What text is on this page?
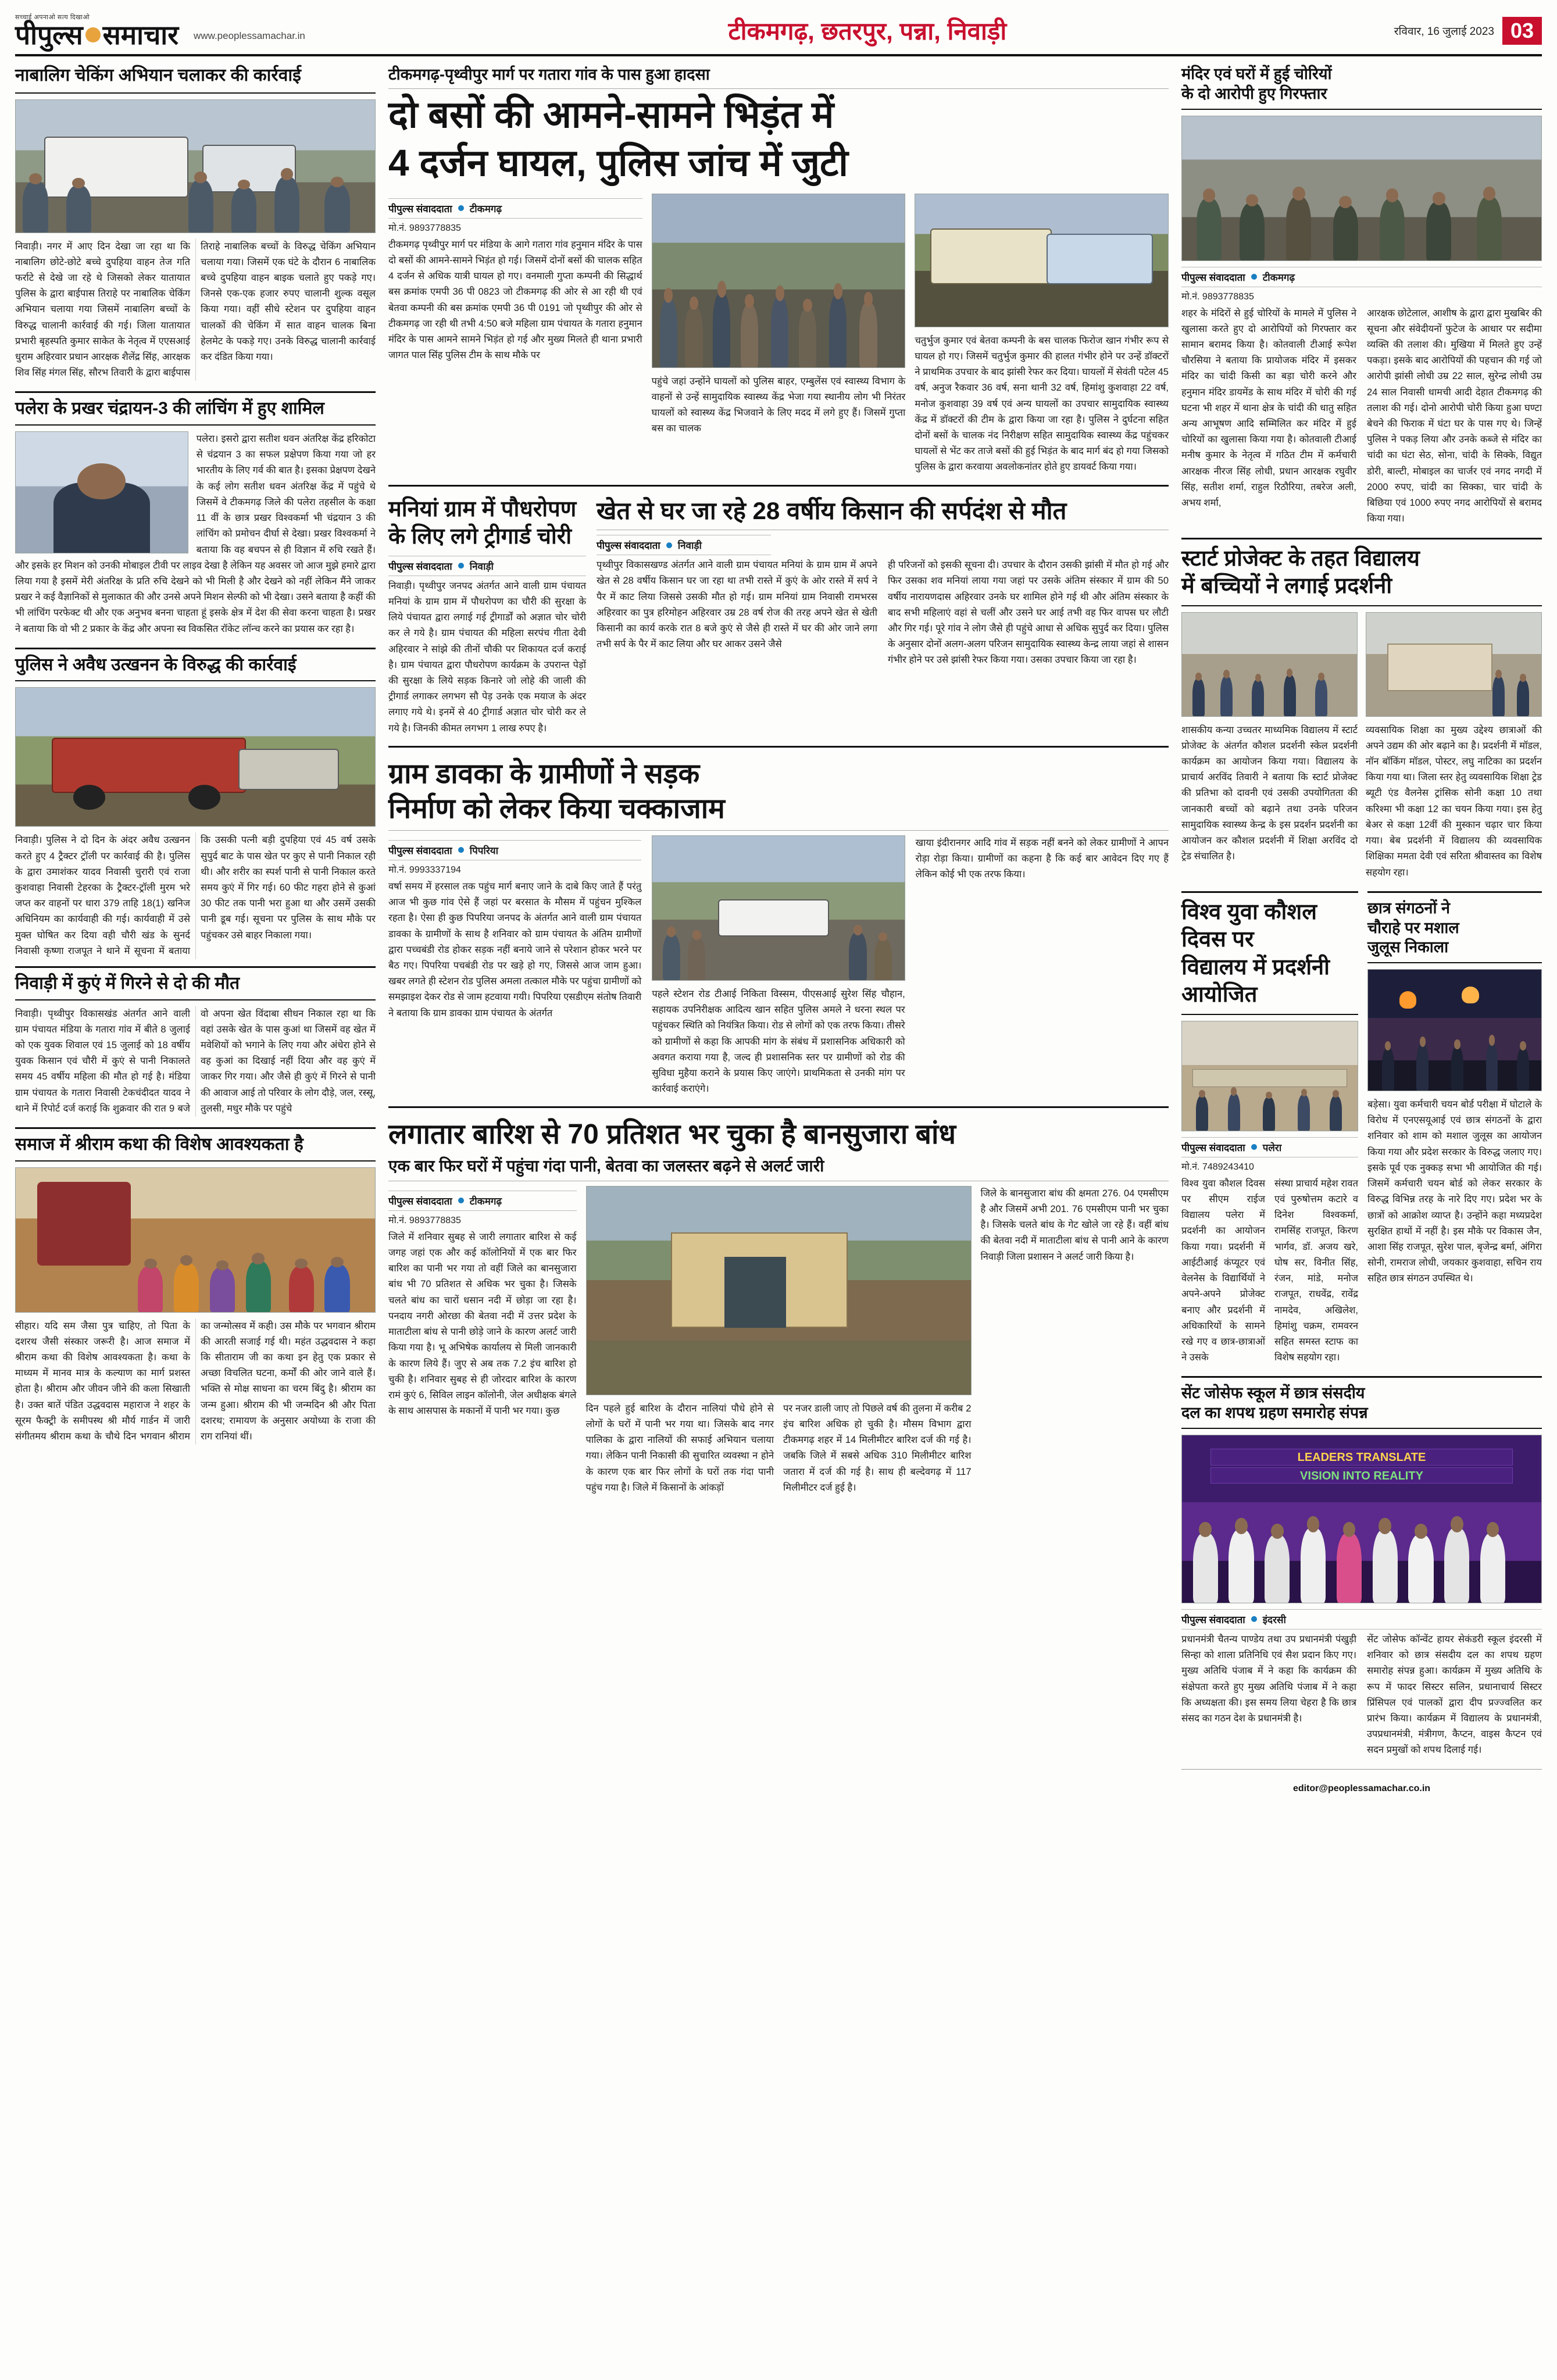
सच्चाई अपनाओ सत्य दिखाओ
पीपुल्स समाचार www.peoplessamachar.in	टीकमगढ़, छतरपुर, पन्ना, निवाड़ी	रविवार, 16 जुलाई 2023 03
नाबालिग चेकिंग अभियान चलाकर की कार्रवाई
निवाड़ी। नगर में आए दिन देखा जा रहा था कि नाबालिग छोटे-छोटे बच्चे दुपहिया वाहन तेज गति फर्राटे से देखे जा रहे थे जिसको लेकर यातायात पुलिस के द्वारा बाईपास तिराहे पर नाबालिक चेकिंग अभियान चलाया गया जिसमें नाबालिग बच्चों के विरुद्ध चालानी कार्रवाई की गई। जिला यातायात प्रभारी बृहस्पति कुमार साकेत के नेतृत्व में एएसआई धुराम अहिरवार प्रधान आरक्षक शैलेंद्र सिंह, आरक्षक शिव सिंह मंगल सिंह, सौरभ तिवारी के द्वारा बाईपास तिराहे नाबालिक बच्चों के विरुद्ध चेकिंग अभियान चलाया गया। जिसमें एक घंटे के दौरान 6 नाबालिक बच्चे दुपहिया वाहन बाइक चलाते हुए पकड़े गए। जिनसे एक-एक हजार रुपए चालानी शुल्क वसूल किया गया। वहीं सीधे स्टेशन पर दुपहिया वाहन चालकों की चेकिंग में सात वाहन चालक बिना हेलमेट के पकड़े गए। उनके विरुद्ध चालानी कार्रवाई कर दंडित किया गया।
पलेरा के प्रखर चंद्रायन-3 की लांचिंग में हुए शामिल
पलेरा। इसरो द्वारा सतीश धवन अंतरिक्ष केंद्र हरिकोटा से चंद्रयान 3 का सफल प्रक्षेपण किया गया जो हर भारतीय के लिए गर्व की बात है। इसका प्रेक्षपण देखने के कई लोग सतीश धवन अंतरिक्ष केंद्र में पहुंचे थे जिसमें वे टीकमगढ़ जिले की पलेरा तहसील के कक्षा 11 वीं के छात्र प्रखर विश्वकर्मा भी चंद्रयान 3 की लांचिंग को प्रमोचन दीर्घा से देखा। प्रखर विश्वकर्मा ने बताया कि वह बचपन से ही विज्ञान में रुचि रखते हैं। और इसके हर मिशन को उनकी मोबाइल टीवी पर लाइव देखा है लेकिन यह अवसर जो आज मुझे हमारे द्वारा लिया गया है इसमें मेरी अंतरिक्ष के प्रति रुचि देखने को भी मिली है और देखने को नहीं लेकिन मैंने जाकर प्रखर ने कई वैज्ञानिकों से मुलाकात की और उनसे अपने मिशन सेल्फी को भी देखा। उसने बताया है कहीं की भी लांचिंग परफेक्ट थी और एक अनुभव बनना चाहता हूं इसके क्षेत्र में देश की सेवा करना चाहता है। प्रखर ने बताया कि वो भी 2 प्रकार के केंद्र और अपना स्व विकसित रॉकेट लॉन्च करने का प्रयास कर रहा है।
पुलिस ने अवैध उत्खनन के विरुद्ध की कार्रवाई
निवाड़ी। पुलिस ने दो दिन के अंदर अवैध उत्खनन करते हुए 4 ट्रैक्टर ट्रॉली पर कार्रवाई की है। पुलिस के द्वारा उमाशंकर यादव निवासी चुरारी एवं राजा कुशवाहा निवासी टेहरका के ट्रैक्टर-ट्रॉली मुरम भरे जप्त कर वाहनों पर धारा 379 ताहि 18(1) खनिज अधिनियम का कार्यवाही की गई। कार्यवाही में उसे मुक्त घोषित कर दिया वही चौरी खंड के सुनर्द निवासी कृष्णा राजपूत ने थाने में सूचना में बताया कि उसकी पत्नी बड़ी दुपहिया एवं 45 वर्ष उसके सुपुर्द बाट के पास खेत पर कुए से पानी निकाल रही थी। और शरीर का स्पर्श पानी से पानी निकाल करते समय कुएं में गिर गई। 60 फीट गहरा होने से कुआं 30 फीट तक पानी भरा हुआ था और उसमें उसकी पानी डूब गई। सूचना पर पुलिस के साथ मौके पर पहुंचकर उसे बाहर निकाला गया।
निवाड़ी में कुएं में गिरने से दो की मौत
निवाड़ी। पृथ्वीपुर विकासखंड अंतर्गत आने वाली ग्राम पंचायत मंडिया के गतारा गांव में बीते 8 जुलाई को एक युवक शिवाल एवं 15 जुलाई को 18 वर्षीय युवक किसान एवं चौरी में कुएं से पानी निकालते समय 45 वर्षीय महिला की मौत हो गई है। मंडिया ग्राम पंचायत के गतारा निवासी टेकचंदीदत यादव ने थाने में रिपोर्ट दर्ज कराई कि शुक्रवार की रात 9 बजे वो अपना खेत विंदाबा सीधन निकाल रहा था कि वहां उसके खेत के पास कुआं था जिसमें वह खेत में मवेशियों को भगाने के लिए गया और अंधेरा होने से वह कुआं का दिखाई नहीं दिया और वह कुएं में जाकर गिर गया। और जैसे ही कुएं में गिरने से पानी की आवाज आई तो परिवार के लोग दौड़े, जल, रस्सू, तुलसी, मधुर मौके पर पहुंचे
समाज में श्रीराम कथा की विशेष आवश्यकता है
सीहार। यदि सम जैसा पुत्र चाहिए, तो पिता के दशरथ जैसी संस्कार जरूरी है। आज समाज में श्रीराम कथा की विशेष आवश्यकता है। कथा के माध्यम में मानव मात्र के कल्याण का मार्ग प्रशस्त होता है। श्रीराम और जीवन जीने की कला सिखाती है। उक्त बातें पंडित उद्धवदास महाराज ने शहर के सूरम फैक्ट्री के समीपस्थ श्री मौर्य गार्डन में जारी संगीतमय श्रीराम कथा के चौथे दिन भगवान श्रीराम का जन्मोत्सव में कही। उस मौके पर भगवान श्रीराम की आरती सजाई गई थी। महंत उद्धवदास ने कहा कि सीताराम जी का कथा इन हेतु एक प्रकार से अच्छा विचलित घटना, कर्मों की ओर जाने वाले हैं। भक्ति से मोक्ष साधना का चरम बिंदु है। श्रीराम का जन्म हुआ। श्रीराम की भी जन्मदिन श्री और पिता दशरथ; रामायण के अनुसार अयोध्या के राजा की राग रानियां थीं।
टीकमगढ़-पृथ्वीपुर मार्ग पर गतारा गांव के पास हुआ हादसा
दो बसों की आमने-सामने भिड़ंत में
4 दर्जन घायल, पुलिस जांच में जुटी
पीपुल्स संवाददाता टीकमगढ़
मो.नं. 9893778835
टीकमगढ़ पृथ्वीपुर मार्ग पर मंडिया के आगे गतारा गांव हनुमान मंदिर के पास दो बसों की आमने-सामने भिड़ंत हो गई। जिसमें दोनों बसों की चालक सहित 4 दर्जन से अधिक यात्री घायल हो गए। वनमाली गुप्ता कम्पनी की सिद्धार्थ बस क्रमांक एमपी 36 पी 0823 जो टीकमगढ़ की ओर से आ रही थी एवं बेतवा कम्पनी की बस क्रमांक एमपी 36 पी 0191 जो पृथ्वीपुर की ओर से टीकमगढ़ जा रही थी तभी 4:50 बजे महिला ग्राम पंचायत के गतारा हनुमान मंदिर के पास आमने सामने भिड़ंत हो गई और मुख्य मिलते ही थाना प्रभारी जागत पाल सिंह पुलिस टीम के साथ मौके पर
पहुंचे जहां उन्होंने घायलों को पुलिस बाहर, एम्बुलेंस एवं स्वास्थ्य विभाग के वाहनों से उन्हें सामुदायिक स्वास्थ्य केंद्र भेजा गया स्थानीय लोग भी निरंतर घायलों को स्वास्थ्य केंद्र भिजवाने के लिए मदद में लगे हुए हैं। जिसमें गुप्ता बस का चालक
चतुर्भुज कुमार एवं बेतवा कम्पनी के बस चालक फिरोज खान गंभीर रूप से घायल हो गए। जिसमें चतुर्भुज कुमार की हालत गंभीर होने पर उन्हें डॉक्टरों ने प्राथमिक उपचार के बाद झांसी रेफर कर दिया। घायलों में सेवंती पटेल 45 वर्ष, अनुज रैकवार 36 वर्ष, सना थानी 32 वर्ष, हिमांशु कुशवाहा 22 वर्ष, मनोज कुशवाहा 39 वर्ष एवं अन्य घायलों का उपचार सामुदायिक स्वास्थ्य केंद्र में डॉक्टरों की टीम के द्वारा किया जा रहा है। पुलिस ने दुर्घटना सहित दोनों बसों के चालक नंद निरीक्षण सहित सामुदायिक स्वास्थ्य केंद्र पहुंचकर घायलों से भेंट कर ताजे बसों की हुई भिड़ंत के बाद मार्ग बंद हो गया जिसको पुलिस के द्वारा करवाया अवलोकनांतर होते हुए डायवर्ट किया गया।
मनियां ग्राम में पौधरोपण के लिए लगे ट्रीगार्ड चोरी
पीपुल्स संवाददाता निवाड़ी
निवाड़ी। पृथ्वीपुर जनपद अंतर्गत आने वाली ग्राम पंचायत मनियां के ग्राम ग्राम में पौधरोपण का चौरी की सुरक्षा के लिये पंचायत द्वारा लगाई गई ट्रीगार्डों को अज्ञात चोर चोरी कर ले गये है। ग्राम पंचायत की महिला सरपंच गीता देवी अहिरवार ने सांझे की तीनों चौकी पर शिकायत दर्ज कराई है। ग्राम पंचायत द्वारा पौधरोपण कार्यक्रम के उपरान्त पेड़ों की सुरक्षा के लिये सड़क किनारे जो लोहे की जाली की ट्रीगार्ड लगाकर लगभग सौ पेड़ उनके एक मयाज के अंदर लगाए गये थे। इनमें से 40 ट्रीगार्ड अज्ञात चोर चोरी कर ले गये है। जिनकी कीमत लगभग 1 लाख रुपए है।
खेत से घर जा रहे 28 वर्षीय किसान की सर्पदंश से मौत
पीपुल्स संवाददाता निवाड़ी
पृथ्वीपुर विकासखण्ड अंतर्गत आने वाली ग्राम पंचायत मनियां के ग्राम ग्राम में अपने खेत से 28 वर्षीय किसान घर जा रहा था तभी रास्ते में कुएं के ओर रास्ते में सर्प ने पैर में काट लिया जिससे उसकी मौत हो गई। ग्राम मनियां ग्राम निवासी रामभरस अहिरवार का पुत्र हरिमोहन अहिरवार उम्र 28 वर्ष रोज की तरह अपने खेत से खेती किसानी का कार्य करके रात 8 बजे कुएं से जैसे ही रास्ते में घर की ओर जाने लगा तभी सर्प के पैर में काट लिया और घर आकर उसने जैसे
ही परिजनों को इसकी सूचना दी। उपचार के दौरान उसकी झांसी में मौत हो गई और फिर उसका शव मनियां लाया गया जहां पर उसके अंतिम संस्कार में ग्राम की 50 वर्षीय नारायणदास अहिरवार उनके घर शामिल होने गई थी और अंतिम संस्कार के बाद सभी महिलाएं वहां से चलीं और उसने घर आई तभी वह फिर वापस घर लौटी और गिर गई। पूरे गांव ने लोग जैसे ही पहुंचे आधा से अधिक सुपुर्द कर दिया। पुलिस के अनुसार दोनों अलग-अलग परिजन सामुदायिक स्वास्थ्य केन्द्र लाया जहां से शासन गंभीर होने पर उसे झांसी रेफर किया गया। उसका उपचार किया जा रहा है।
ग्राम डावका के ग्रामीणों ने सड़क
निर्माण को लेकर किया चक्काजाम
पीपुल्स संवाददाता पिपरिया
मो.नं. 9993337194
वर्षा समय में हरसाल तक पहुंच मार्ग बनाए जाने के दाबे किए जाते हैं परंतु आज भी कुछ गांव ऐसे हैं जहां पर बरसात के मौसम में पहुंचन मुश्किल रहता है। ऐसा ही कुछ पिपरिया जनपद के अंतर्गत आने वाली ग्राम पंचायत डावका के ग्रामीणों के साथ है शनिवार को ग्राम पंचायत के अंतिम ग्रामीणों द्वारा पच्चबंडी रोड होकर सड़क नहीं बनाये जाने से परेशान होकर भरने पर बैठ गए। पिपरिया पचबंडी रोड पर खड़े हो गए, जिससे आज जाम हुआ। खबर लगते ही स्टेशन रोड पुलिस अमला तत्काल मौके पर पहुंचा ग्रामीणों को समझाइश देकर रोड से जाम हटवाया गयी। पिपरिया एसडीएम संतोष तिवारी ने बताया कि ग्राम डावका ग्राम पंचायत के अंतर्गत
पहले स्टेशन रोड टीआई निकिता विस्सम, पीएसआई सुरेश सिंह चौहान, सहायक उपनिरीक्षक आदित्य खान सहित पुलिस अमले ने धरना स्थल पर पहुंचकर स्थिति को नियंत्रित किया। रोड से लोगों को एक तरफ किया। तीसरे को ग्रामीणों से कहा कि आपकी मांग के संबंध में प्रशासनिक अधिकारी को अवगत कराया गया है, जल्द ही प्रशासनिक स्तर पर ग्रामीणों को रोड की सुविधा मुहैया कराने के प्रयास किए जाएंगे। प्राथमिकता से उनकी मांग पर कार्रवाई कराएंगे।
खाया इंदीरानगर आदि गांव में सड़क नहीं बनने को लेकर ग्रामीणों ने आपन रोड़ा रोड़ा किया। ग्रामीणों का कहना है कि कई बार आवेदन दिए गए हैं लेकिन कोई भी एक तरफ किया।
लगातार बारिश से 70 प्रतिशत भर चुका है बानसुजारा बांध
एक बार फिर घरों में पहुंचा गंदा पानी, बेतवा का जलस्तर बढ़ने से अलर्ट जारी
पीपुल्स संवाददाता टीकमगढ़
मो.नं. 9893778835
जिले में शनिवार सुबह से जारी लगातार बारिश से कई जगह जहां एक और कई कॉलोनियों में एक बार फिर बारिश का पानी भर गया तो वहीं जिले का बानसुजारा बांध भी 70 प्रतिशत से अधिक भर चुका है। जिसके चलते बांध का चारों धसान नदी में छोड़ा जा रहा है। पनदाय नगरी ओरछा की बेतवा नदी में उत्तर प्रदेश के माताटीला बांध से पानी छोड़े जाने के कारण अलर्ट जारी किया गया है। भू अभिषेक कार्यालय से मिली जानकारी के कारण लिये हैं। जुए से अब तक 7.2 इंच बारिश हो चुकी है। शनिवार सुबह से ही जोरदार बारिश के कारण रामं कुएं 6, सिविल लाइन कॉलोनी, जेल अधीक्षक बंगले के साथ आसपास के मकानों में पानी भर गया। कुछ	दिन पहले हुई बारिश के दौरान नालियां पौधे होने से लोगों के घरों में पानी भर गया था। जिसके बाद नगर पालिका के द्वारा नालियों की सफाई अभियान चलाया गया। लेकिन पानी निकासी की सुचारित व्यवस्था न होने के कारण एक बार फिर लोगों के घरों तक गंदा पानी पहुंच गया है। जिले में किसानों के आंकड़ों
पर नजर डाली जाए तो पिछले वर्ष की तुलना में करीब 2 इंच बारिश अधिक हो चुकी है। मौसम विभाग द्वारा टीकमगढ़ शहर में 14 मिलीमीटर बारिश दर्ज की गई है। जबकि जिले में सबसे अधिक 310 मिलीमीटर बारिश जतारा में दर्ज की गई है। साथ ही बल्देवगढ़ में 117 मिलीमीटर दर्ज हुई है।
जिले के बानसुजारा बांध की क्षमता 276. 04 एमसीएम है और जिसमें अभी 201. 76 एमसीएम पानी भर चुका है। जिसके चलते बांध के गेट खोले जा रहे हैं। वहीं बांध की बेतवा नदी में माताटीला बांध से पानी आने के कारण निवाड़ी जिला प्रशासन ने अलर्ट जारी किया है।
मंदिर एवं घरों में हुई चोरियों
के दो आरोपी हुए गिरफ्तार
पीपुल्स संवाददाता टीकमगढ़
मो.नं. 9893778835
शहर के मंदिरों से हुई चोरियों के मामले में पुलिस ने खुलासा करते हुए दो आरोपियों को गिरफ्तार कर सामान बरामद किया है। कोतवाली टीआई रूपेश चौरसिया ने बताया कि प्रायोजक मंदिर में इसकर मंदिर का चांदी किसी का बड़ा चोरी करने और हनुमान मंदिर डायमेंड के साथ मंदिर में चोरी की गई घटना भी शहर में थाना क्षेत्र के चांदी की धातु सहित अन्य आभूषण आदि सम्मिलित कर मंदिर में हुई चोरियों का खुलासा किया गया है। कोतवाली टीआई मनीष कुमार के नेतृत्व में गठित टीम में कर्मचारी आरक्षक नीरज सिंह लोधी, प्रधान आरक्षक रघुवीर सिंह, सतीश शर्मा, राहुल रिठौरिया, तबरेज अली, अभय शर्मा,
आरक्षक छोटेलाल, आशीष के द्वारा द्वारा मुखबिर की सूचना और संवेदीयनों फुटेज के आधार पर सदीमा व्यक्ति की तलाश की। मुखिया में मिलते हुए उन्हें पकड़ा। इसके बाद आरोपियों की पहचान की गई जो आरोपी झांसी लोधी उम्र 22 साल, सुरेन्द्र लोधी उम्र 24 साल निवासी धामची आदी देहात टीकमगढ़ की तलाश की गई। दोनो आरोपी चोरी किया हुआ घण्टा बेचने की फिराक में घंटा घर के पास गए थे। जिन्हें पुलिस ने पकड़ लिया और उनके कब्जे से मंदिर का चांदी का घंटा सेठ, सोना, चांदी के सिक्के, विद्युत डोरी, बाल्टी, मोबाइल का चार्जर एवं नगद नगदी में 2000 रुपए, चांदी का सिक्का, चार चांदी के बिछिया एवं 1000 रुपए नगद आरोपियों से बरामद किया गया।
स्टार्ट प्रोजेक्ट के तहत विद्यालय
में बच्चियों ने लगाई प्रदर्शनी
शासकीय कन्या उच्चतर माध्यमिक विद्यालय में स्टार्ट प्रोजेक्ट के अंतर्गत कौशल प्रदर्शनी स्केल प्रदर्शनी कार्यक्रम का आयोजन किया गया। विद्यालय के प्राचार्य अरविंद तिवारी ने बताया कि स्टार्ट प्रोजेक्ट की प्रतिभा को दावनी एवं उसकी उपयोगितता की जानकारी बच्चों को बढ़ाने तथा उनके परिजन सामुदायिक स्वास्थ्य केन्द्र के इस प्रदर्शन प्रदर्शनी का आयोजन कर कौशल प्रदर्शनी में शिक्षा अरविंद दो ट्रेड संचालित है।
व्यवसायिक शिक्षा का मुख्य उद्देश्य छात्राओं की अपने उद्यम की ओर बढ़ाने का है। प्रदर्शनी में मॉडल, नॉन बॉकिंग मॉडल, पोस्टर, लघु नाटिका का प्रदर्शन किया गया था। जिला स्तर हेतु व्यवसायिक शिक्षा ट्रेड ब्यूटी एंड वैलनेस ट्रांसिक सोनी कक्षा 10 तथा करिश्मा भी कक्षा 12 का चयन किया गया। इस हेतु बेअर से कक्षा 12वीं की मुस्कान चढ़ार चार किया गया। बेब प्रदर्शनी में विद्यालय की व्यवसायिक शिक्षिका ममता देवी एवं सरिता श्रीवास्तव का विशेष सहयोग रहा।
विश्व युवा कौशल दिवस पर
विद्यालय में प्रदर्शनी आयोजित
पीपुल्स संवाददाता पलेरा
मो.नं. 7489243410
विश्व युवा कौशल दिवस पर सीएम राईज विद्यालय पलेरा में प्रदर्शनी का आयोजन किया गया। प्रदर्शनी में आईटीआई कंप्यूटर एवं वेलनेस के विद्यार्थियों ने अपने-अपने प्रोजेक्ट बनाए और प्रदर्शनी में अधिकारियों के सामने रखे गए व छात्र-छात्राओं ने उसके
संस्था प्राचार्य महेश रावत एवं पुरुषोत्तम कटारे व दिनेश विश्वकर्मा, रामसिंह राजपूत, किरण भार्गव, डॉ. अजय खरे, घोष सर, विनीत सिंह, रंजन, मांडे, मनोज राजपूत, राधवेंद्र, रावेंद्र नामदेव, अखिलेश, हिमांशु चक्रम, रामवरन सहित समस्त स्टाफ का विशेष सहयोग रहा।
छात्र संगठनों ने
चौराहे पर मशाल
जुलूस निकाला
बड़ेसा। युवा कर्मचारी चयन बोर्ड परीक्षा में घोटाले के विरोध में एनएसयूआई एवं छात्र संगठनों के द्वारा शनिवार को शाम को मशाल जुलूस का आयोजन किया गया और प्रदेश सरकार के विरुद्ध जलाए गए। इसके पूर्व एक नुक्कड़ सभा भी आयोजित की गई। जिसमें कर्मचारी चयन बोर्ड को लेकर सरकार के विरुद्ध विभिन्न तरह के नारे दिए गए। प्रदेश भर के छात्रों को आक्रोश व्याप्त है। उन्होंने कहा मध्यप्रदेश सुरक्षित हाथों में नहीं है। इस मौके पर विकास जैन, आशा सिंह राजपूत, सुरेश पाल, बृजेन्द्र बर्मा, अंगिरा सोनी, रामराज लोधी, जयकार कुशवाहा, सचिन राय सहित छात्र संगठन उपस्थित थे।
सेंट जोसेफ स्कूल में छात्र संसदीय
दल का शपथ ग्रहण समारोह संपन्न
LEADERS TRANSLATE
VISION INTO REALITY
पीपुल्स संवाददाता इंदरसी
प्रधानमंत्री चैतन्य पाण्डेय तथा उप प्रधानमंत्री पंखुड़ी सिन्हा को शाला प्रतिनिधि एवं सैश प्रदान किए गए। मुख्य अतिथि पंजाब में ने कहा कि कार्यक्रम की संक्षेपता करते हुए मुख्य अतिथि पंजाब में ने कहा कि अध्यक्षता की। इस समय लिया चेहरा है कि छात्र संसद का गठन देश के प्रधानमंत्री है।
सेंट जोसेफ कॉन्वेंट हायर सेकंडरी स्कूल इंदरसी में शनिवार को छात्र संसदीय दल का शपथ ग्रहण समारोह संपन्न हुआ। कार्यक्रम में मुख्य अतिथि के रूप में फादर सिस्टर सलिन, प्रधानाचार्य सिस्टर प्रिंसिपल एवं पालकों द्वारा दीप प्रज्ज्वलित कर प्रारंभ किया। कार्यक्रम में विद्यालय के प्रधानमंत्री, उपप्रधानमंत्री, मंत्रीगण, कैप्टन, वाइस कैप्टन एवं सदन प्रमुखों को शपथ दिलाई गई।
editor@peoplessamachar.co.in
